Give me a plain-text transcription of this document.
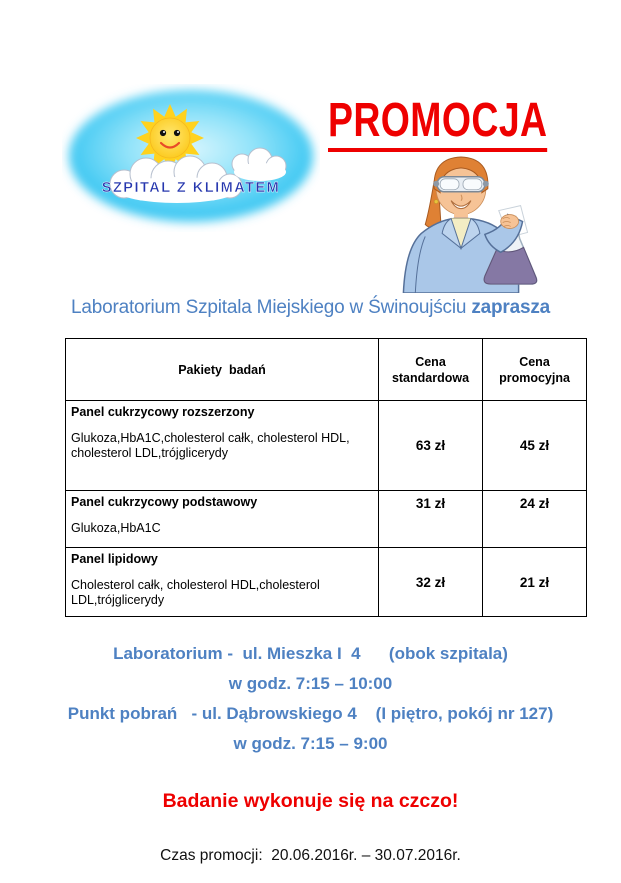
SZPITAL Z KLIMATEM
PROMOCJA
Laboratorium Szpitala Miejskiego w Świnoujściu zaprasza
Pakiety  badań	Cena standardowa	Cena promocyjna

Panel cukrzycowy rozszerzony
Glukoza,HbA1C,cholesterol całk, cholesterol HDL, cholesterol LDL,trójglicerydy	63 zł	45 zł

Panel cukrzycowy podstawowy
Glukoza,HbA1C	31 zł	24 zł

Panel lipidowy
Cholesterol całk, cholesterol HDL,cholesterol LDL,trójglicerydy	32 zł	21 zł
Laboratorium -  ul. Mieszka I  4      (obok szpitala)
w godz. 7:15 – 10:00
Punkt pobrań   - ul. Dąbrowskiego 4    (I piętro, pokój nr 127)
w godz. 7:15 – 9:00
Badanie wykonuje się na czczo!
Czas promocji:  20.06.2016r. – 30.07.2016r.
